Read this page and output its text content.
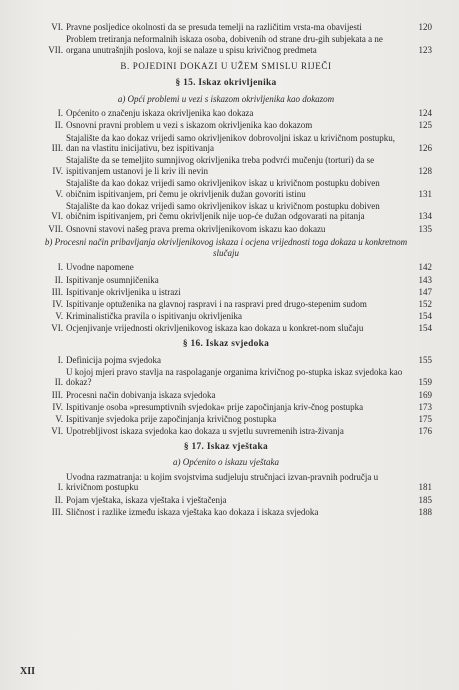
VI. Pravne posljedice okolnosti da se presuda temelji na različitim vrsta-ma obavijesti	120
VII.
Problem tretiranja neformalnih iskaza osoba, dobivenih od strane dru-gih subjekata a ne organa unutrašnjih poslova, koji se nalaze u spisu krivičnog predmeta	123
B. POJEDINI DOKAZI U UŽEM SMISLU RIJEČI
§ 15. Iskaz okrivljenika
a) Opći problemi u vezi s iskazom okrivljenika kao dokazom
I. Općenito o značenju iskaza okrivljenika kao dokaza	124
II. Osnovni pravni problem u vezi s iskazom okrivljenika kao dokazom	125
III.
Stajalište da kao dokaz vrijedi samo okrivljenikov dobrovoljni iskaz u krivičnom postupku, dan na vlastitu inicijativu, bez ispitivanja	126
IV.
Stajalište da se temeljito sumnjivog okrivljenika treba podvrći mučenju (torturi) da se ispitivanjem ustanovi je li kriv ili nevin	128
V.
Stajalište da kao dokaz vrijedi samo okrivljenikov iskaz u krivičnom postupku dobiven običnim ispitivanjem, pri čemu je okrivljenik dužan govoriti istinu	131
VI.
Stajalište da kao dokaz vrijedi samo okrivljenikov iskaz u krivičnom postupku dobiven običnim ispitivanjem, pri čemu okrivljenik nije uop-će dužan odgovarati na pitanja	134
VII. Osnovni stavovi našeg prava prema okrivljenikovom iskazu kao dokazu	135
b) Procesni način pribavljanja okrivljenikovog iskaza i ocjena vrijednosti toga dokaza u konkretnom slučaju
I. Uvodne napomene	142
II. Ispitivanje osumnjičenika	143
III. Ispitivanje okrivljenika u istrazi	147
IV. Ispitivanje optuženika na glavnoj raspravi i na raspravi pred drugo-stepenim sudom	152
V. Kriminalistička pravila o ispitivanju okrivljenika	154
VI. Ocjenjivanje vrijednosti okrivljenikovog iskaza kao dokaza u konkret-nom slučaju	154
§ 16. Iskaz svjedoka
I. Definicija pojma svjedoka	155
II.
U kojoj mjeri pravo stavlja na raspolaganje organima krivičnog po-stupka iskaz svjedoka kao dokaz?	159
III. Procesni način dobivanja iskaza svjedoka	169
IV. Ispitivanje osoba »presumptivnih svjedoka« prije započinjanja kriv-čnog postupka	173
V. Ispitivanje svjedoka prije započinjanja krivičnog postupka	175
VI. Upotrebljivost iskaza svjedoka kao dokaza u svjetlu suvremenih istra-živanja	176
§ 17. Iskaz vještaka
a) Općenito o iskazu vještaka
I.
Uvodna razmatranja: u kojim svojstvima sudjeluju stručnjaci izvan-pravnih područja u krivičnom postupku	181
II. Pojam vještaka, iskaza vještaka i vještačenja	185
III. Sličnost i razlike između iskaza vještaka kao dokaza i iskaza svjedoka	188
XII
